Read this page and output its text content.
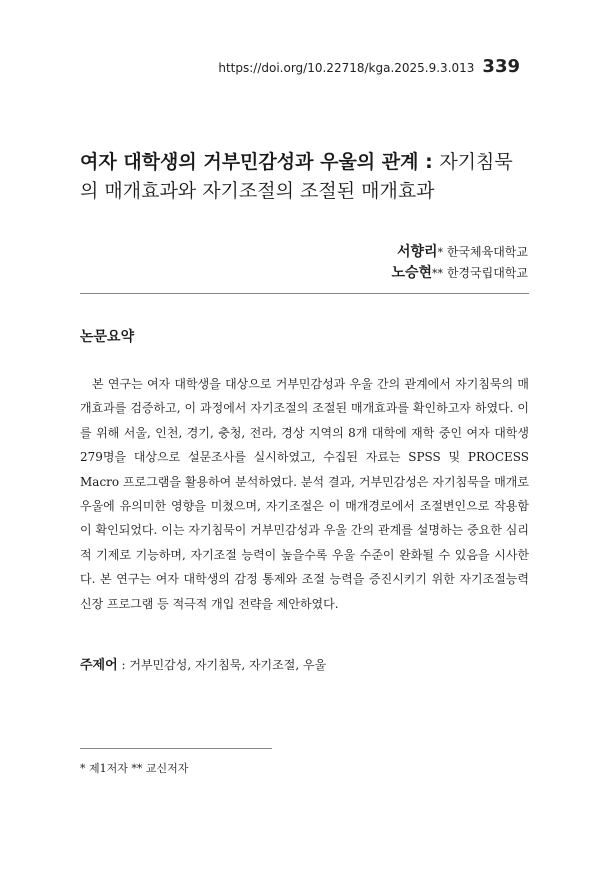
https://doi.org/10.22718/kga.2025.9.3.013 339
여자 대학생의 거부민감성과 우울의 관계 : 자기침묵의 매개효과와 자기조절의 조절된 매개효과
서향리* 한국체육대학교
노승현** 한경국립대학교
논문요약

본 연구는 여자 대학생을 대상으로 거부민감성과 우울 간의 관계에서 자기침묵의 매개효과를 검증하고, 이 과정에서 자기조절의 조절된 매개효과를 확인하고자 하였다. 이를 위해 서울, 인천, 경기, 충청, 전라, 경상 지역의 8개 대학에 재학 중인 여자 대학생 279명을 대상으로 설문조사를 실시하였고, 수집된 자료는 SPSS 및 PROCESS Macro 프로그램을 활용하여 분석하였다. 분석 결과, 거부민감성은 자기침묵을 매개로 우울에 유의미한 영향을 미쳤으며, 자기조절은 이 매개경로에서 조절변인으로 작용함이 확인되었다. 이는 자기침묵이 거부민감성과 우울 간의 관계를 설명하는 중요한 심리적 기제로 기능하며, 자기조절 능력이 높을수록 우울 수준이 완화될 수 있음을 시사한다. 본 연구는 여자 대학생의 감정 통제와 조절 능력을 증진시키기 위한 자기조절능력 신장 프로그램 등 적극적 개입 전략을 제안하였다.

주제어 : 거부민감성, 자기침묵, 자기조절, 우울
* 제1저자 ** 교신저자
